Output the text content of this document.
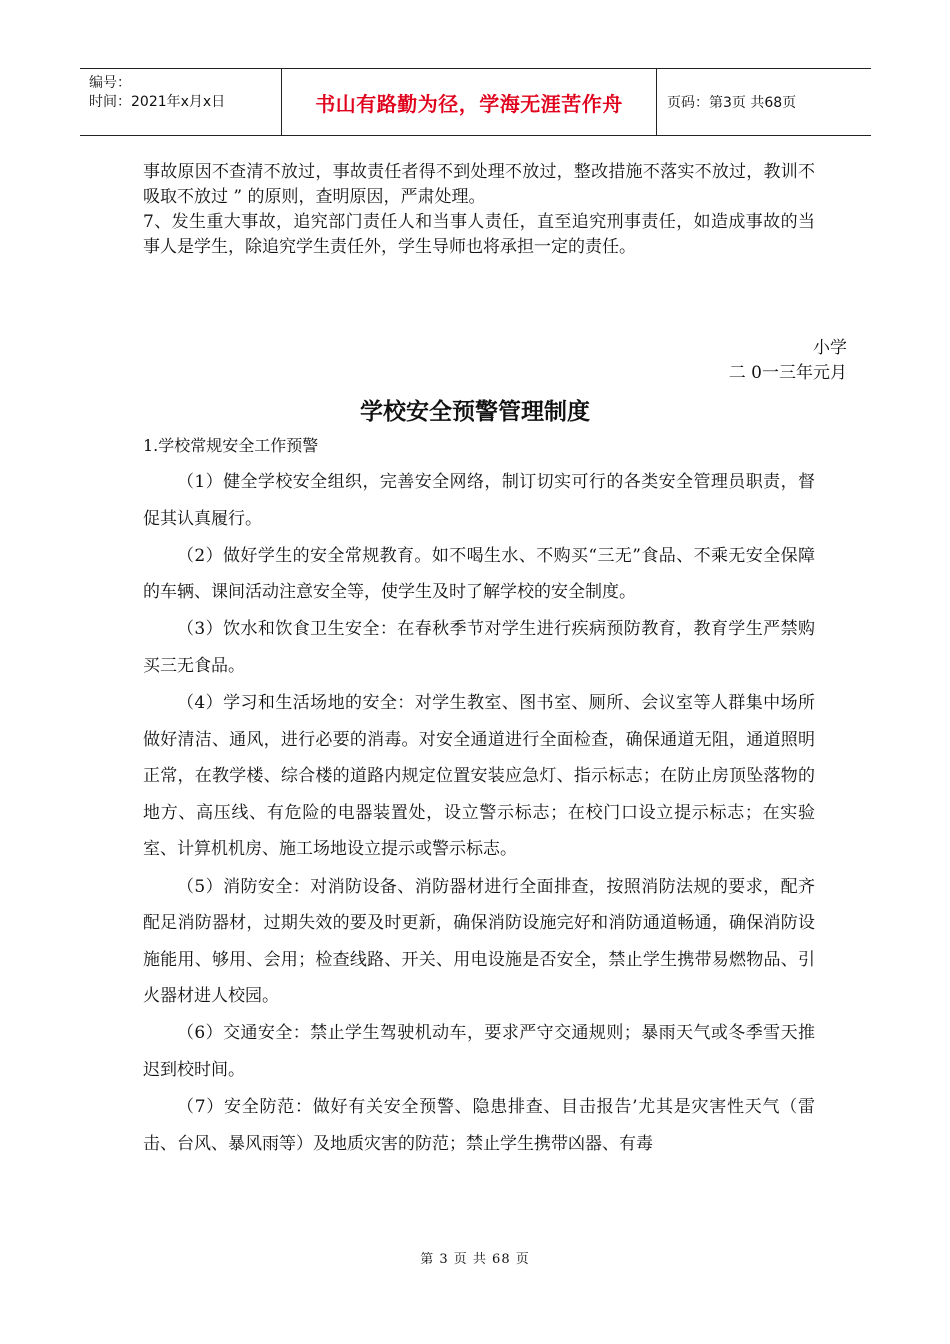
编号：
时间：2021年x月x日	书山有路勤为径，学海无涯苦作舟	页码：第3页 共68页
事故原因不查清不放过，事故责任者得不到处理不放过，整改措施不落实不放过，教训不吸取不放过 ” 的原则，查明原因，严肃处理。
7、发生重大事故，追究部门责任人和当事人责任，直至追究刑事责任，如造成事故的当事人是学生，除追究学生责任外，学生导师也将承担一定的责任。
小学
二 0一三年元月
学校安全预警管理制度
1.学校常规安全工作预警

（1）健全学校安全组织，完善安全网络，制订切实可行的各类安全管理员职责，督促其认真履行。

（2）做好学生的安全常规教育。如不喝生水、不购买“三无”食品、不乘无安全保障的车辆、课间活动注意安全等，使学生及时了解学校的安全制度。

（3）饮水和饮食卫生安全：在春秋季节对学生进行疾病预防教育，教育学生严禁购买三无食品。

（4）学习和生活场地的安全：对学生教室、图书室、厕所、会议室等人群集中场所做好清洁、通风，进行必要的消毒。对安全通道进行全面检查，确保通道无阻，通道照明正常，在教学楼、综合楼的道路内规定位置安装应急灯、指示标志；在防止房顶坠落物的地方、高压线、有危险的电器装置处，设立警示标志；在校门口设立提示标志；在实验室、计算机机房、施工场地设立提示或警示标志。

（5）消防安全：对消防设备、消防器材进行全面排查，按照消防法规的要求，配齐配足消防器材，过期失效的要及时更新，确保消防设施完好和消防通道畅通，确保消防设施能用、够用、会用；检查线路、开关、用电设施是否安全，禁止学生携带易燃物品、引火器材进人校园。

（6）交通安全：禁止学生驾驶机动车，要求严守交通规则；暴雨天气或冬季雪天推迟到校时间。

（7）安全防范：做好有关安全预警、隐患排查、目击报告’尤其是灾害性天气（雷击、台风、暴风雨等）及地质灾害的防范；禁止学生携带凶器、有毒

第 3 页 共 68 页
